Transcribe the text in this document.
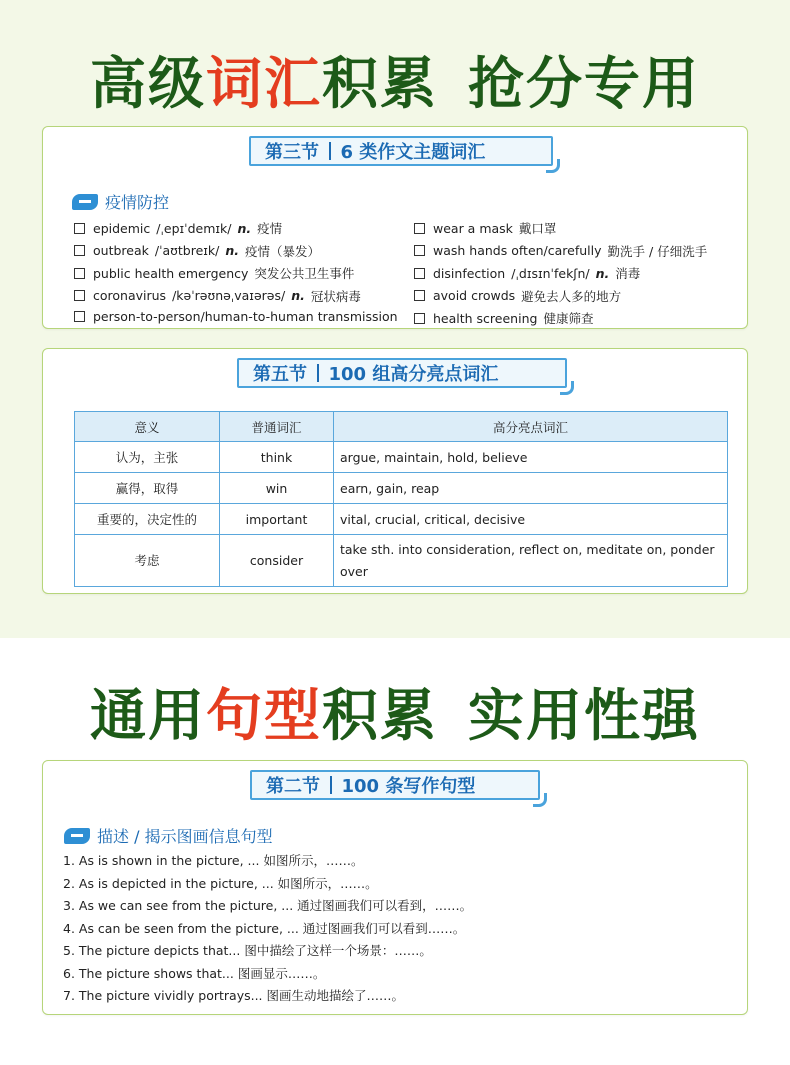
高级词汇积累 抢分专用
第三节 6 类作文主题词汇
疫情防控
epidemic /ˌepɪˈdemɪk/ n. 疫情
outbreak /ˈaʊtbreɪk/ n. 疫情（暴发）
public health emergency 突发公共卫生事件
coronavirus /kəˈrəʊnəˌvaɪərəs/ n. 冠状病毒
person-to-person/human-to-human transmission
wear a mask 戴口罩
wash hands often/carefully 勤洗手 / 仔细洗手
disinfection /ˌdɪsɪnˈfekʃn/ n. 消毒
avoid crowds 避免去人多的地方
health screening 健康筛查
第五节 100 组高分亮点词汇
意义	普通词汇	高分亮点词汇
认为，主张	think	argue, maintain, hold, believe
赢得，取得	win	earn, gain, reap
重要的，决定性的	important	vital, crucial, critical, decisive
考虑	consider	take sth. into consideration, reflect on, meditate on, ponder over
通用句型积累 实用性强
第二节 100 条写作句型
描述 / 揭示图画信息句型
1. As is shown in the picture, ... 如图所示，……。
2. As is depicted in the picture, ... 如图所示，……。
3. As we can see from the picture, ... 通过图画我们可以看到，……。
4. As can be seen from the picture, ... 通过图画我们可以看到……。
5. The picture depicts that... 图中描绘了这样一个场景：……。
6. The picture shows that... 图画显示……。
7. The picture vividly portrays... 图画生动地描绘了……。
